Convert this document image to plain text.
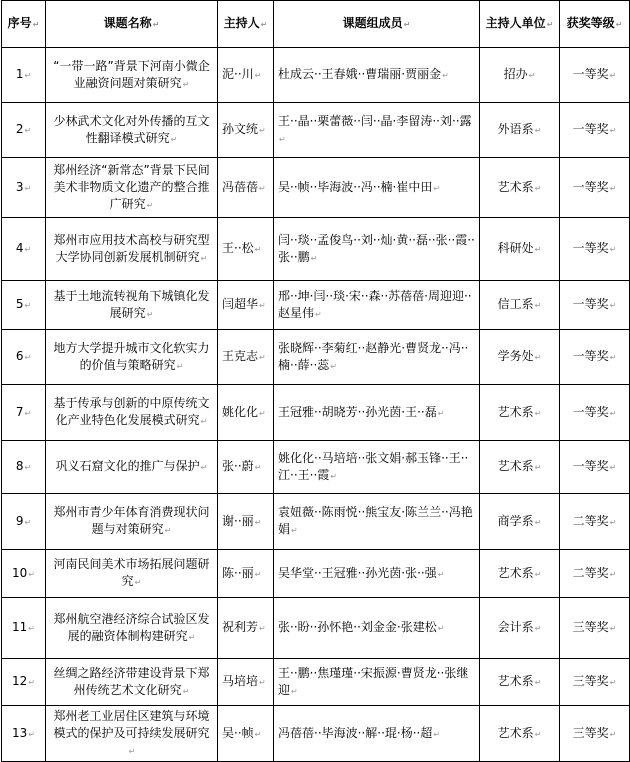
序号↵	课题名称↵	主持人↵	课题组成员↵	主持人单位↵	获奖等级↵
1↵	“一带一路”背景下河南小微企业融资问题对策研究↵	泥··川↵	杜成云··王春娥··曹瑞丽·贾丽金↵	招办↵	一等奖↵
2↵	少林武术文化对外传播的互文性翻译模式研究↵	孙文统↵	王··晶··栗蕾薇··闫··晶·李留涛··刘··露↵	外语系↵	一等奖↵
3↵	郑州经济“新常态”背景下民间美术非物质文化遗产的整合推广研究↵	冯蓓蓓↵	吴··帧··毕海波··冯··楠·崔中田↵	艺术系↵	一等奖↵
4↵	郑州市应用技术高校与研究型大学协同创新发展机制研究↵	王··松↵	闫··琰··孟俊鸟··刘··灿·黄··磊··张··霞··张··鹏↵	科研处↵	一等奖↵
5↵	基于土地流转视角下城镇化发展研究↵	闫超华↵	邢··坤·闫··琰·宋··森··苏蓓蓓·周迎迎··赵星伟↵	信工系↵	一等奖↵
6↵	地方大学提升城市文化软实力的价值与策略研究↵	王克志↵	张晓辉··李菊红··赵静光·曹贤龙··冯··楠··薛··蕊↵	学务处↵	一等奖↵
7↵	基于传承与创新的中原传统文化产业特色化发展模式研究↵	姚化化↵	王冠雅··胡晓芳··孙光茵·王··磊↵	艺术系↵	一等奖↵
8↵	巩义石窟文化的推广与保护↵	张··蔚↵	姚化化··马培培··张文娟·郝玉锋··王··江··王··霞↵	艺术系↵	一等奖↵
9↵	郑州市青少年体育消费现状问题与对策研究↵	谢··丽↵	袁妞薇··陈雨悦··熊宝友·陈兰兰··冯艳娟↵	商学系↵	二等奖↵
10↵	河南民间美术市场拓展问题研究↵	陈··丽↵	吴华堂··王冠雅··孙光茵·张··强↵	艺术系↵	二等奖↵
11↵	郑州航空港经济综合试验区发展的融资体制构建研究↵	祝利芳↵	张··盼··孙怀艳··刘金金·张建松↵	会计系↵	三等奖↵
12↵	丝绸之路经济带建设背景下郑州传统艺术文化研究↵	马培培↵	王··鹏··焦瑾瑾··宋振源·曹贤龙··张继迎↵	艺术系↵	三等奖↵
13↵	郑州老工业居住区建筑与环境模式的保护及可持续发展研究↵	吴··帧↵	冯蓓蓓··毕海波··解··琨·杨··超↵	艺术系↵	三等奖↵
